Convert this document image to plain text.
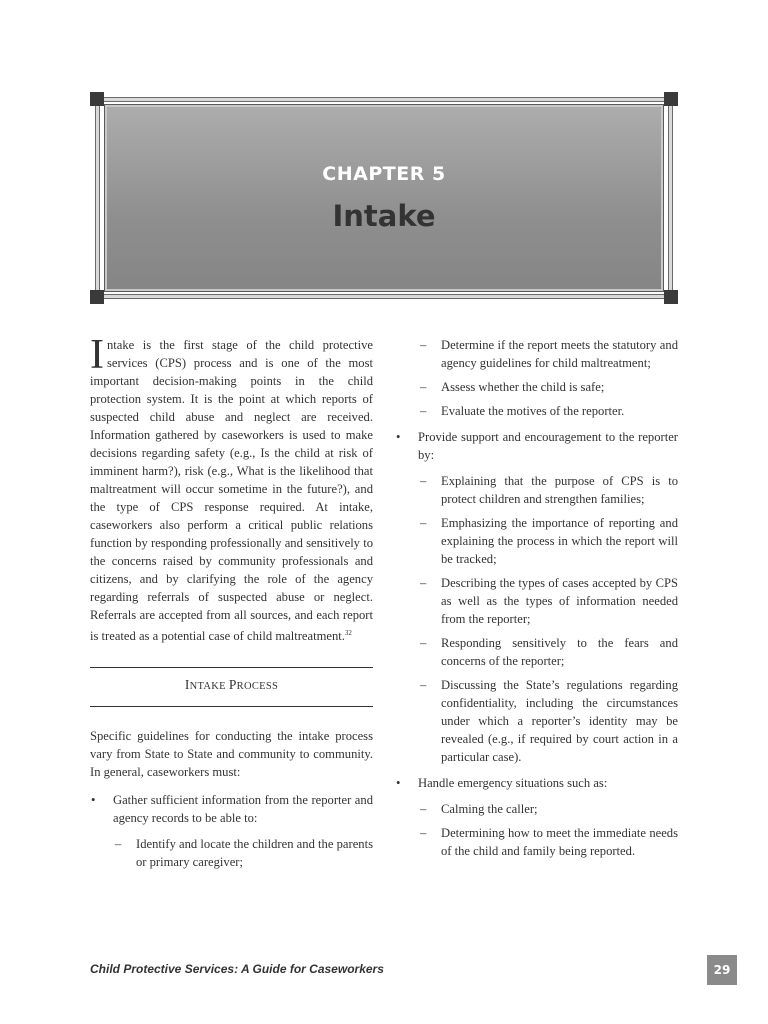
CHAPTER 5
Intake

Intake is the first stage of the child protective services (CPS) process and is one of the most important decision-making points in the child protection system. It is the point at which reports of suspected child abuse and neglect are received. Information gathered by caseworkers is used to make decisions regarding safety (e.g., Is the child at risk of imminent harm?), risk (e.g., What is the likelihood that maltreatment will occur sometime in the future?), and the type of CPS response required. At intake, caseworkers also perform a critical public relations function by responding professionally and sensitively to the concerns raised by community professionals and citizens, and by clarifying the role of the agency regarding referrals of suspected abuse or neglect. Referrals are accepted from all sources, and each report is treated as a potential case of child maltreatment.$^{32}$

INTAKE PROCESS

Specific guidelines for conducting the intake process vary from State to State and community to community. In general, caseworkers must:

• Gather sufficient information from the reporter and agency records to be able to:
– Identify and locate the children and the parents or primary caregiver;
– Determine if the report meets the statutory and agency guidelines for child maltreatment;
– Assess whether the child is safe;
– Evaluate the motives of the reporter.
• Provide support and encouragement to the reporter by:
– Explaining that the purpose of CPS is to protect children and strengthen families;
– Emphasizing the importance of reporting and explaining the process in which the report will be tracked;
– Describing the types of cases accepted by CPS as well as the types of information needed from the reporter;
– Responding sensitively to the fears and concerns of the reporter;
– Discussing the State’s regulations regarding confidentiality, including the circumstances under which a reporter’s identity may be revealed (e.g., if required by court action in a particular case).
• Handle emergency situations such as:
– Calming the caller;
– Determining how to meet the immediate needs of the child and family being reported.
Child Protective Services: A Guide for Caseworkers	29
